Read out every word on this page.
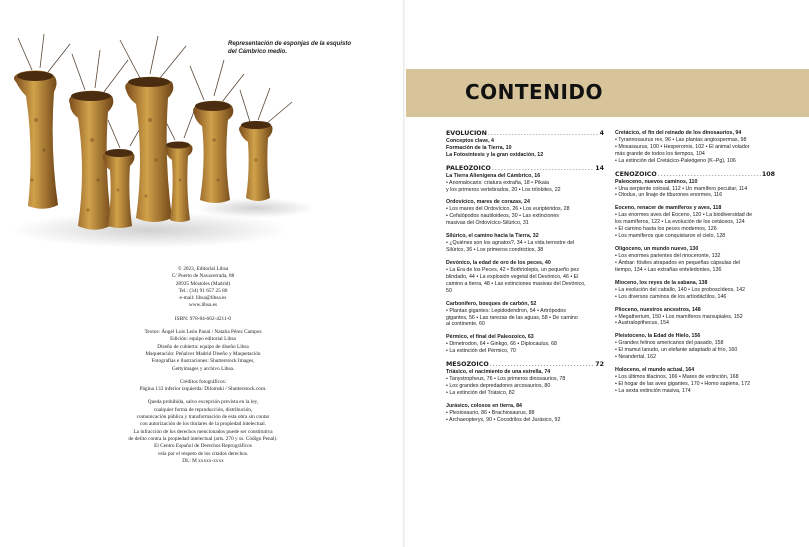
Representación de esponjas de la esquisto
del Cámbrico medio.
© 2023, Editorial Libsa
C/ Puerto de Navacerrada, 88
28935 Móstoles (Madrid)
Tel.: (34) 91 657 25 80
e-mail: libsa@libsa.es
www.libsa.es
ISBN: 978-84-662-4211-0
Textos: Ángel Luis León Panal / Natalia Pérez Campos
Edición: equipo editorial Libsa
Diseño de cubierta: equipo de diseño Libsa
Maquetación: Peñalver Madrid Diseño y Maquetación
Fotografías e ilustraciones: Shutterstock Images,
Gettyimages y archivo Libsa.
Créditos fotográficos:
Página 133 inferior izquierda: Dilomski / Shutterstock.com.
Queda prohibida, salvo excepción prevista en la ley,
cualquier forma de reproducción, distribución,
comunicación pública y transformación de esta obra sin contar
con autorización de los titulares de la propiedad intelectual.
La infracción de los derechos mencionados puede ser constitutiva
de delito contra la propiedad intelectual (arts. 270 y ss. Código Penal).
El Centro Español de Derechos Reprográficos
vela por el respeto de los citados derechos.
DL: M xxxxx-xxxx
CONTENIDO
EVOLUCIÓN .....	4
Conceptos clave, 4
Formación de la Tierra, 10
La Fotosíntesis y la gran oxidación, 12
PALEOZOICO .....	14
La Tierra Alienígena del Cámbrico, 16
• Anomalocaris: criatura extraña, 18 • Pikaia
y los primeros vertebrados, 20 • Los trilobites, 22
Ordovícico, mares de corazas, 24
• Los mares del Ordovícico, 26 • Los euriptéridos, 28
• Cefalópodos nautiloideos, 30 • Las extinciones
masivas del Ordovícico-Silúrico, 31
Silúrico, el camino hacia la Tierra, 32
• ¿Quiénes son los agnatos?, 34 • La vida terrestre del
Silúrico, 36 • Los primeros condrictios, 38
Devónico, la edad de oro de los peces, 40
• La Era de los Peces, 42 • Bothriolepis, un pequeño pez
blindado, 44 • La explosión vegetal del Devónico, 46 • El
camino a tierra, 48 • Las extinciones masivas del Devónico,
50
Carbonífero, bosques de carbón, 52
• Plantas gigantes: Lepidodendron, 54 • Artrópodos
gigantes, 56 • Las rarezas de las aguas, 58 • De camino
al continente, 60
Pérmico, el final del Paleozoico, 63
• Dimetrodon, 64 • Ginkgo, 66 • Diplocaulus, 68
• La extinción del Pérmico, 70
MESOZOICO .....	72
Triásico, el nacimiento de una estrella, 74
• Tanystropheus, 76 • Los primeros dinosaurios, 78
• Los grandes depredadores arcosaurios, 80
• La extinción del Triásico, 82
Jurásico, colosos en tierra, 84
• Plesiosaurio, 86 • Brachiosaurus, 88
• Archaeopteryx, 90 • Cocodrilos del Jurásico, 92
Cretácico, el fin del reinado de los dinosaurios, 94
• Tyrannosaurus rex, 96 • Las plantas angiospermas, 98
• Mosasaurus, 100 • Hesperornis, 102 • El animal volador
más grande de todos los tiempos, 104
• La extinción del Cretácico-Paleógeno (K–Pg), 106
CENOZOICO .....	108
Paleoceno, nuevos caminos, 110
• Una serpiente colosal, 112 • Un mamífero peculiar, 114
• Otodus, un linaje de tiburones enormes, 116
Eoceno, renacer de mamíferos y aves, 118
• Las enormes aves del Eoceno, 120 • La biodiversidad de
los mamíferos, 122 • La evolución de los cetáceos, 124
• El camino hasta los peces modernos, 126
• Los mamíferos que conquistaron el cielo, 128
Oligoceno, un mundo nuevo, 130
• Los enormes parientes del rinoceronte, 132
• Ámbar: fósiles atrapados en pequeñas cápsulas del
tiempo, 134 • Las extrañas enteledontes, 136
Mioceno, los reyes de la sabana, 138
• La evolución del caballo, 140 • Los proboscídeos, 142
• Los diversos caminos de los artiodáctilos, 146
Plioceno, nuestros ancestros, 148
• Megatherium, 150 • Los mamíferos marsupiales, 152
• Australopithecus, 154
Pleistoceno, la Edad de Hielo, 156
• Grandes felinos americanos del pasado, 158
• El mamut lanudo, un elefante adaptado al frío, 160
• Neandertal, 162
Holoceno, el mundo actual, 164
• Los últimos tilacinos, 166 • Mares de extinción, 168
• El hogar de las aves gigantes, 170 • Homo sapiens, 172
• La sexta extinción masiva, 174
